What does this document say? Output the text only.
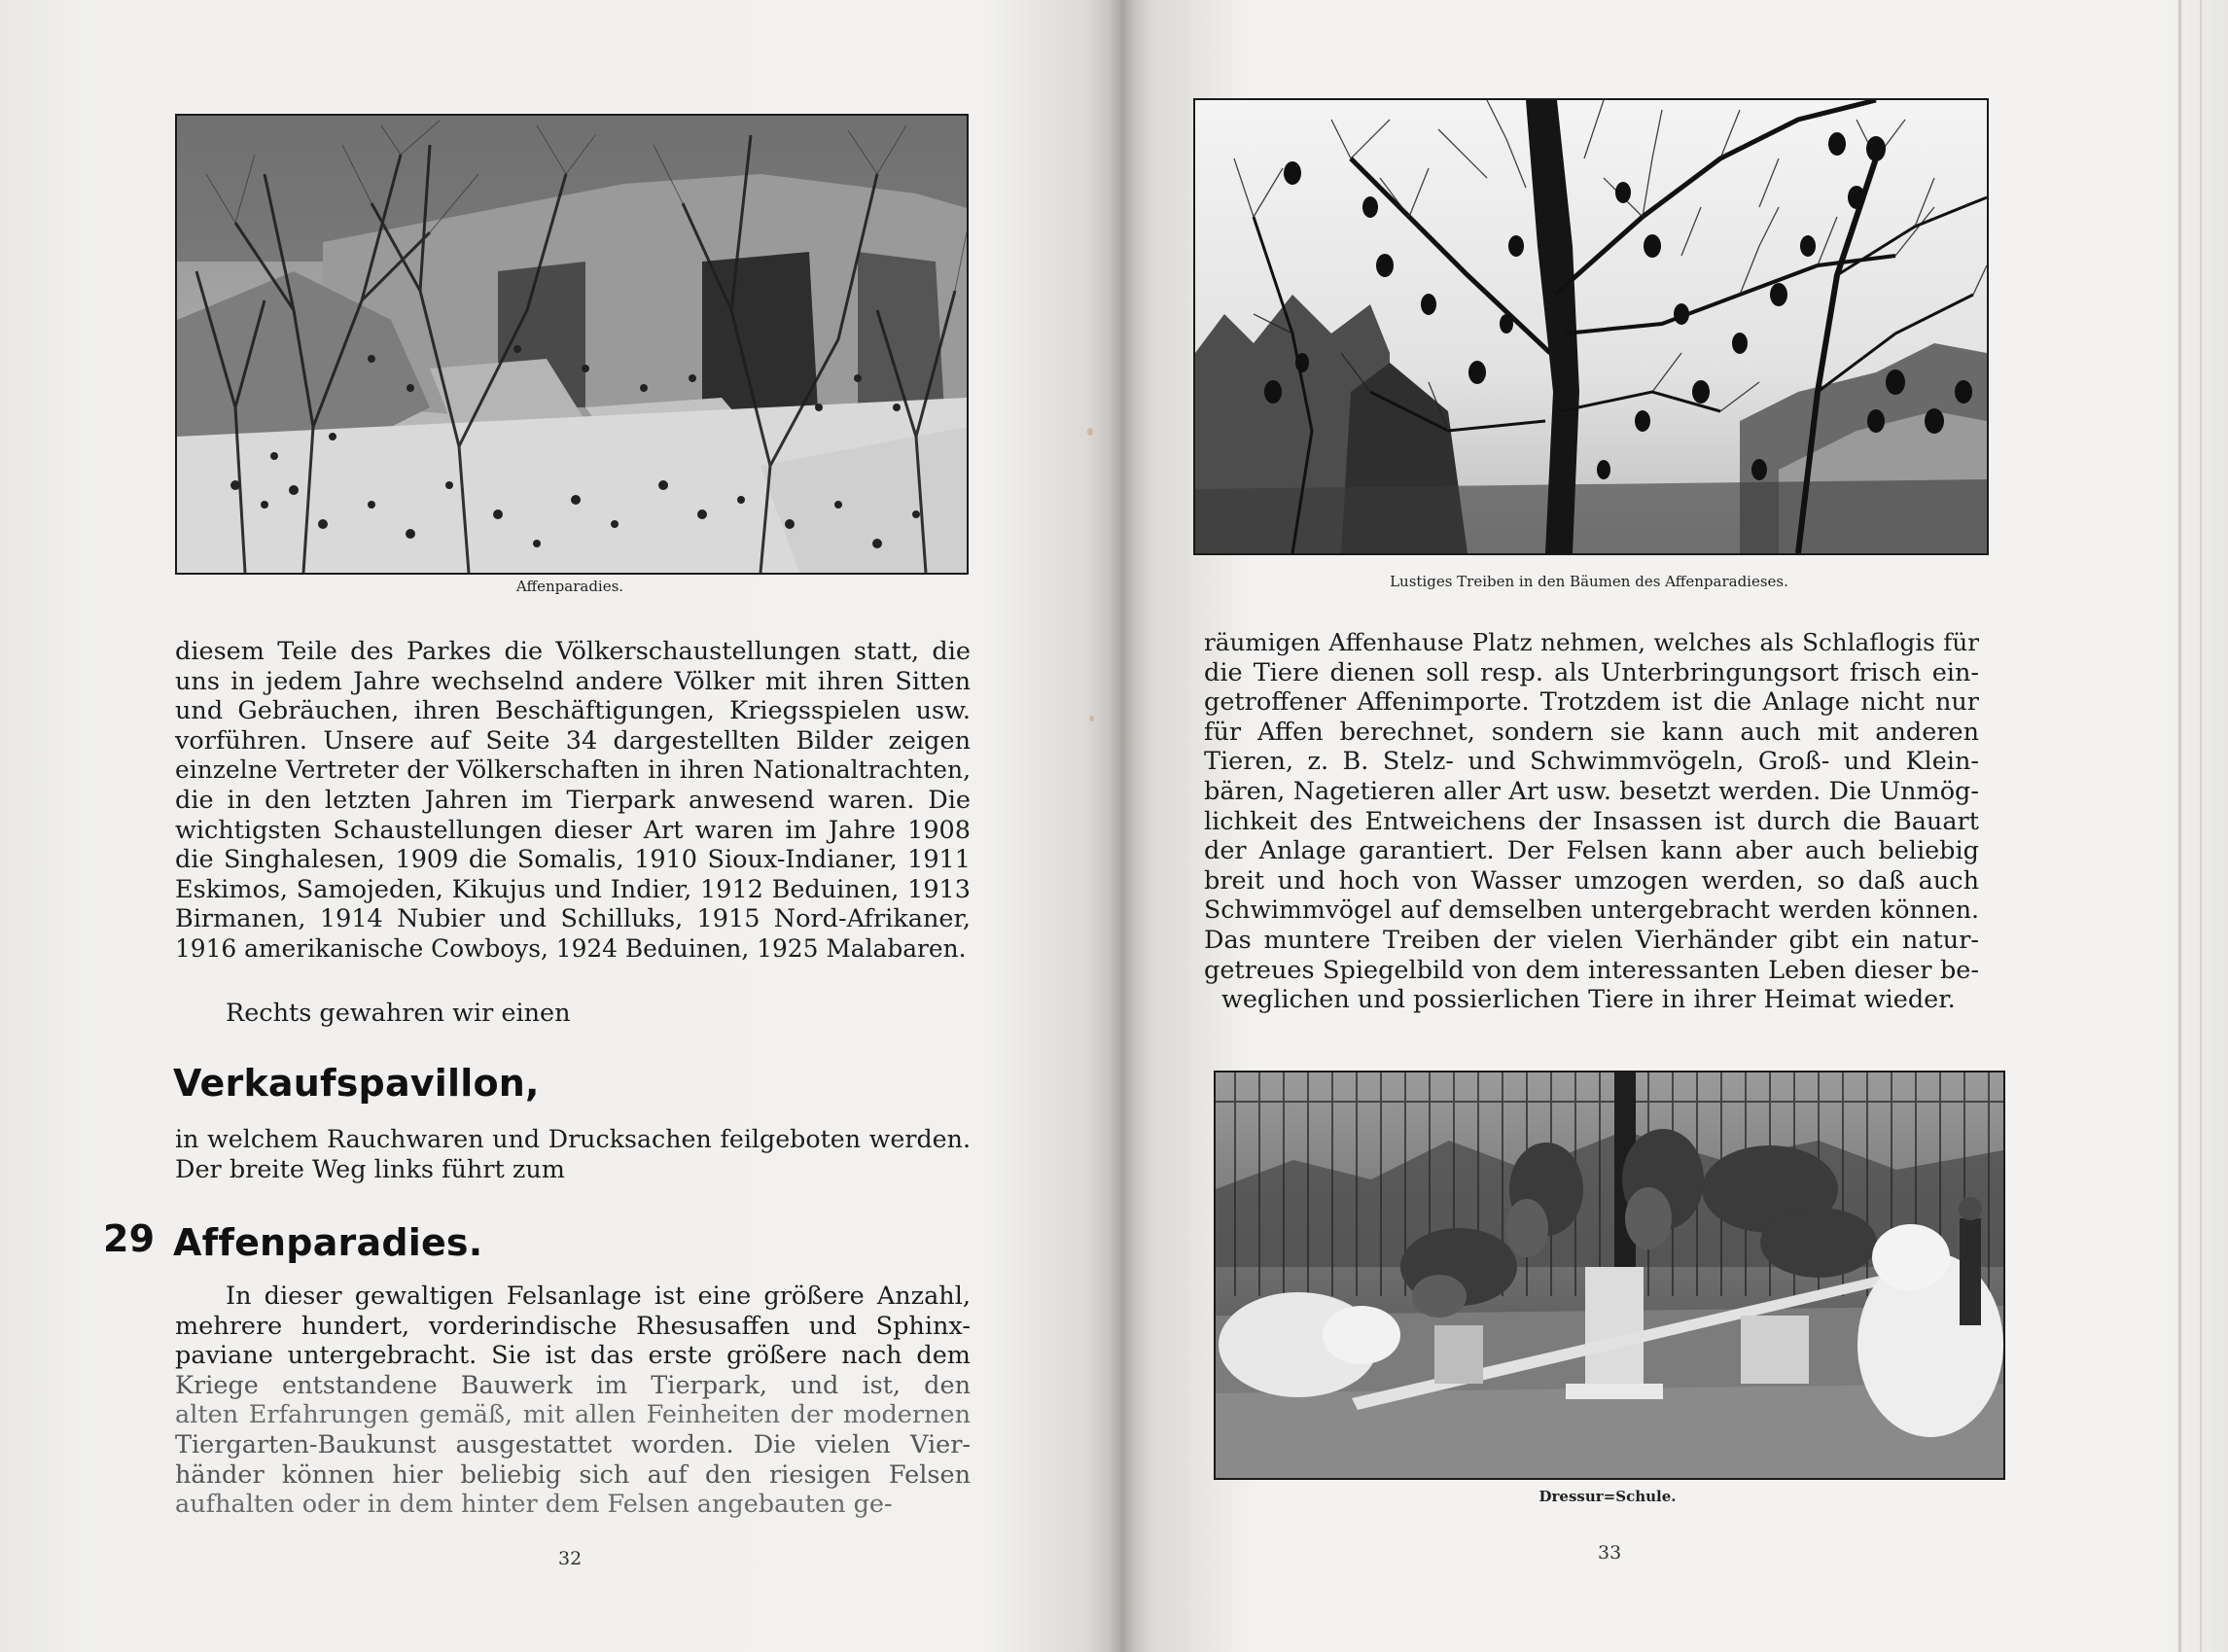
Affenparadies.
diesem Teile des Parkes die Völkerschaustellungen statt, die
uns in jedem Jahre wechselnd andere Völker mit ihren Sitten
und Gebräuchen, ihren Beschäftigungen, Kriegsspielen usw.
vorführen. Unsere auf Seite 34 dargestellten Bilder zeigen
einzelne Vertreter der Völkerschaften in ihren Nationaltrachten,
die in den letzten Jahren im Tierpark anwesend waren. Die
wichtigsten Schaustellungen dieser Art waren im Jahre 1908
die Singhalesen, 1909 die Somalis, 1910 Sioux-Indianer, 1911
Eskimos, Samojeden, Kikujus und Indier, 1912 Beduinen, 1913
Birmanen, 1914 Nubier und Schilluks, 1915 Nord-Afrikaner,
1916 amerikanische Cowboys, 1924 Beduinen, 1925 Malabaren.
Rechts gewahren wir einen
Verkaufspavillon,
in welchem Rauchwaren und Drucksachen feilgeboten werden.
Der breite Weg links führt zum
29 Affenparadies.
In dieser gewaltigen Felsanlage ist eine größere Anzahl,
mehrere hundert, vorderindische Rhesusaffen und Sphinx-
paviane untergebracht. Sie ist das erste größere nach dem
Kriege entstandene Bauwerk im Tierpark, und ist, den
alten Erfahrungen gemäß, mit allen Feinheiten der modernen
Tiergarten-Baukunst ausgestattet worden. Die vielen Vier-
händer können hier beliebig sich auf den riesigen Felsen
aufhalten oder in dem hinter dem Felsen angebauten ge-
32
Lustiges Treiben in den Bäumen des Affenparadieses.
räumigen Affenhause Platz nehmen, welches als Schlaflogis für
die Tiere dienen soll resp. als Unterbringungsort frisch ein-
getroffener Affenimporte. Trotzdem ist die Anlage nicht nur
für Affen berechnet, sondern sie kann auch mit anderen
Tieren, z. B. Stelz- und Schwimmvögeln, Groß- und Klein-
bären, Nagetieren aller Art usw. besetzt werden. Die Unmög-
lichkeit des Entweichens der Insassen ist durch die Bauart
der Anlage garantiert. Der Felsen kann aber auch beliebig
breit und hoch von Wasser umzogen werden, so daß auch
Schwimmvögel auf demselben untergebracht werden können.
Das muntere Treiben der vielen Vierhänder gibt ein natur-
getreues Spiegelbild von dem interessanten Leben dieser be-
weglichen und possierlichen Tiere in ihrer Heimat wieder.
Dressur=Schule.
33
